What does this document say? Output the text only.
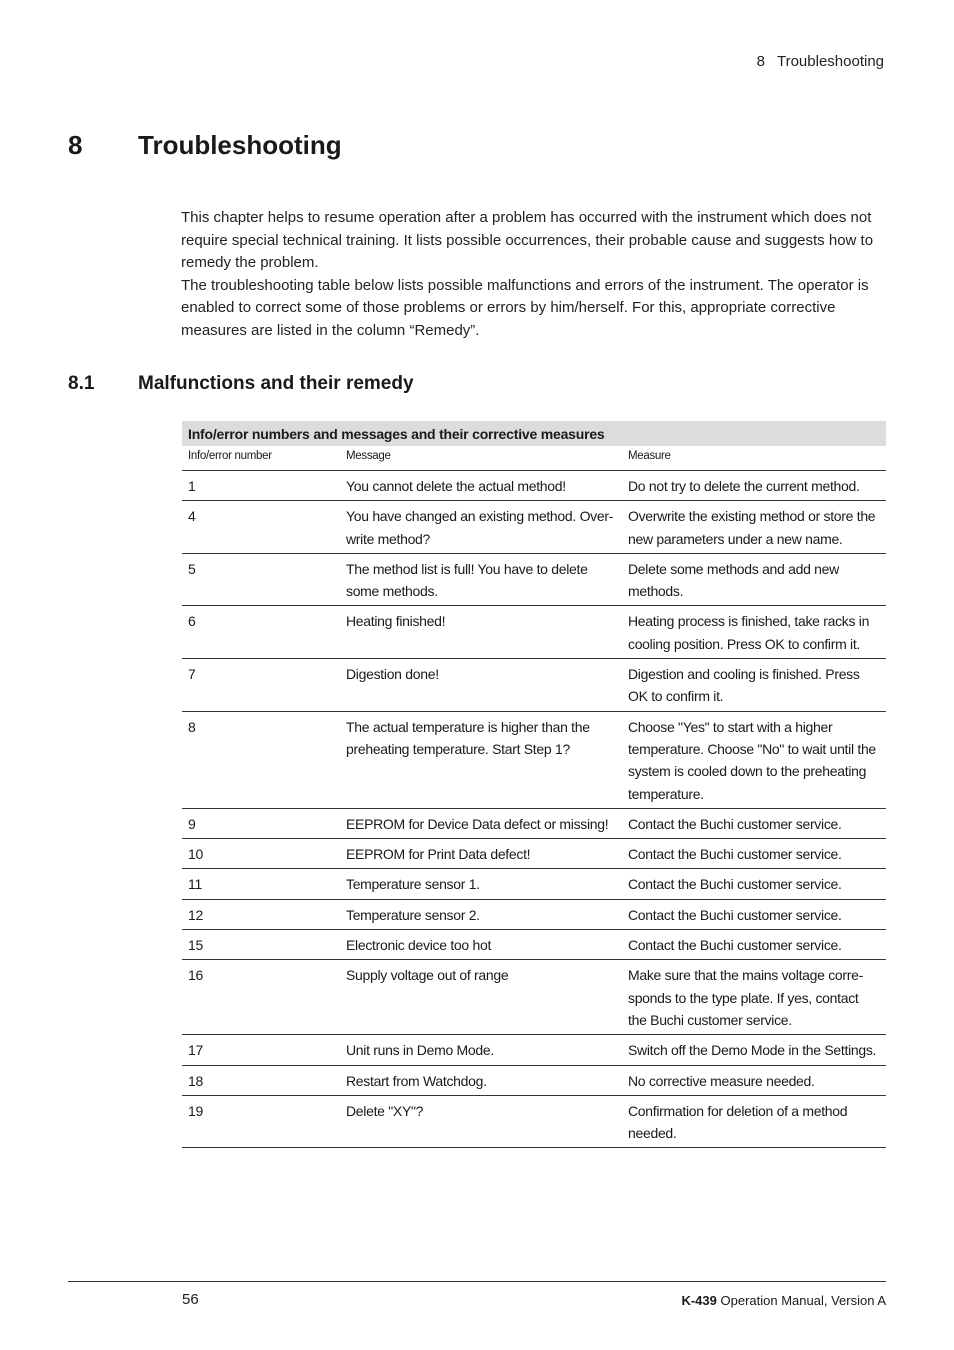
8 Troubleshooting
8 Troubleshooting

This chapter helps to resume operation after a problem has occurred with the instrument which does not require special technical training. It lists possible occurrences, their probable cause and suggests how to remedy the problem.

The troubleshooting table below lists possible malfunctions and errors of the instrument. The operator is enabled to correct some of those problems or errors by him/herself. For this, appropriate corrective measures are listed in the column “Remedy”.

8.1 Malfunctions and their remedy
Info/error numbers and messages and their corrective measures
Info/error number	Message	Measure
1	You cannot delete the actual method!	Do not try to delete the current method.
4	You have changed an existing method. Over-write method?	Overwrite the existing method or store the new parameters under a new name.
5	The method list is full! You have to delete some methods.	Delete some methods and add new methods.
6	Heating finished!	Heating process is finished, take racks in cooling position. Press OK to confirm it.
7	Digestion done!	Digestion and cooling is finished. Press OK to confirm it.
8	The actual temperature is higher than the preheating temperature. Start Step 1?	Choose "Yes" to start with a higher temperature. Choose "No" to wait until the system is cooled down to the preheating temperature.
9	EEPROM for Device Data defect or missing!	Contact the Buchi customer service.
10	EEPROM for Print Data defect!	Contact the Buchi customer service.
11	Temperature sensor 1.	Contact the Buchi customer service.
12	Temperature sensor 2.	Contact the Buchi customer service.
15	Electronic device too hot	Contact the Buchi customer service.
16	Supply voltage out of range	Make sure that the mains voltage corre-sponds to the type plate. If yes, contact the Buchi customer service.
17	Unit runs in Demo Mode.	Switch off the Demo Mode in the Settings.
18	Restart from Watchdog.	No corrective measure needed.
19	Delete "XY"?	Confirmation for deletion of a method needed.
56	K-439 Operation Manual, Version A
